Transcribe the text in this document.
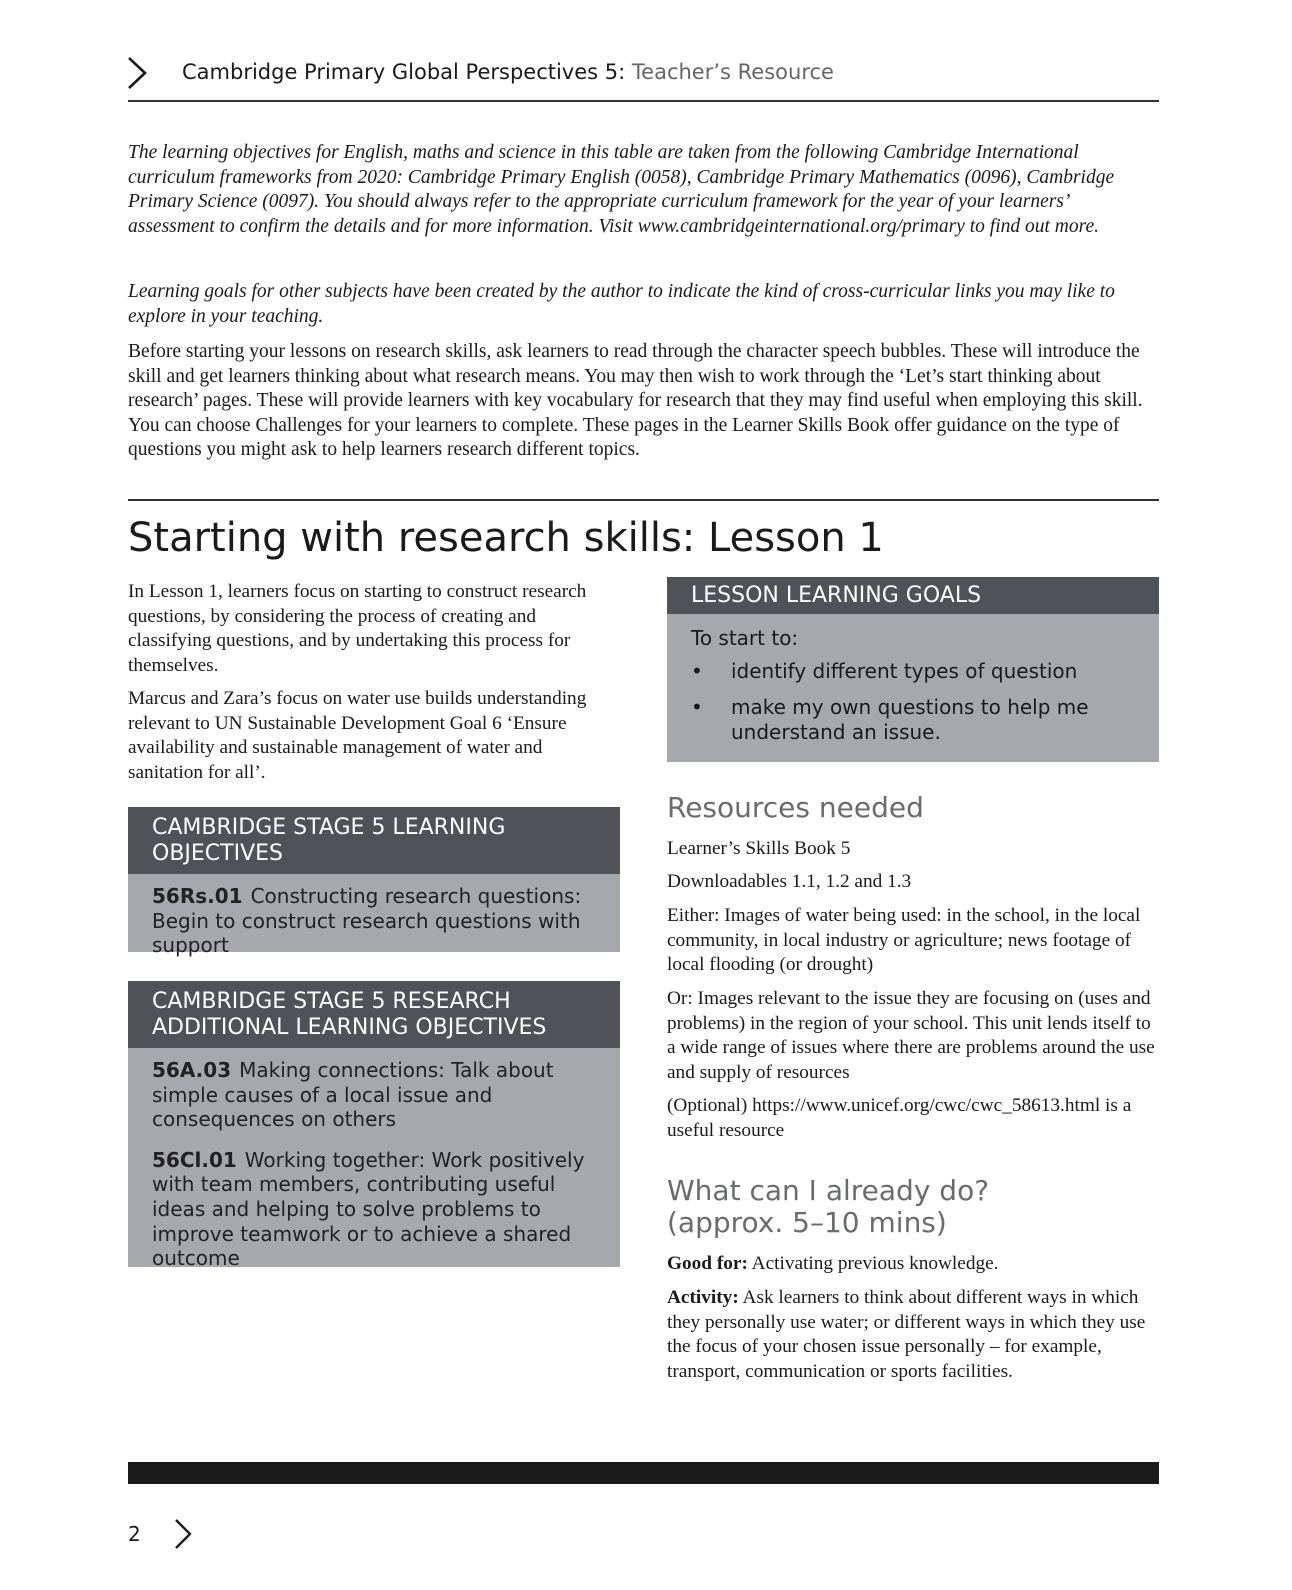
Cambridge Primary Global Perspectives 5: Teacher’s Resource

The learning objectives for English, maths and science in this table are taken from the following Cambridge International curriculum frameworks from 2020: Cambridge Primary English (0058), Cambridge Primary Mathematics (0096), Cambridge Primary Science (0097). You should always refer to the appropriate curriculum framework for the year of your learners’ assessment to confirm the details and for more information. Visit www.cambridgeinternational.org/primary to find out more.

Learning goals for other subjects have been created by the author to indicate the kind of cross-curricular links you may like to explore in your teaching.

Before starting your lessons on research skills, ask learners to read through the character speech bubbles. These will introduce the skill and get learners thinking about what research means. You may then wish to work through the ‘Let’s start thinking about research’ pages. These will provide learners with key vocabulary for research that they may find useful when employing this skill. You can choose Challenges for your learners to complete. These pages in the Learner Skills Book offer guidance on the type of questions you might ask to help learners research different topics.

Starting with research skills: Lesson 1

In Lesson 1, learners focus on starting to construct research questions, by considering the process of creating and classifying questions, and by undertaking this process for themselves.

Marcus and Zara’s focus on water use builds understanding relevant to UN Sustainable Development Goal 6 ‘Ensure availability and sustainable management of water and sanitation for all’.

CAMBRIDGE STAGE 5 LEARNING OBJECTIVES

56Rs.01 Constructing research questions: Begin to construct research questions with support

CAMBRIDGE STAGE 5 RESEARCH ADDITIONAL LEARNING OBJECTIVES

56A.03 Making connections: Talk about simple causes of a local issue and consequences on others

56Cl.01 Working together: Work positively with team members, contributing useful ideas and helping to solve problems to improve teamwork or to achieve a shared outcome

LESSON LEARNING GOALS
To start to:
• identify different types of question
• make my own questions to help me understand an issue.
Resources needed

Learner’s Skills Book 5

Downloadables 1.1, 1.2 and 1.3

Either: Images of water being used: in the school, in the local community, in local industry or agriculture; news footage of local flooding (or drought)

Or: Images relevant to the issue they are focusing on (uses and problems) in the region of your school. This unit lends itself to a wide range of issues where there are problems around the use and supply of resources

(Optional) https://www.unicef.org/cwc/cwc_58613.html is a useful resource

What can I already do?
(approx. 5–10 mins)

Good for: Activating previous knowledge.

Activity: Ask learners to think about different ways in which they personally use water; or different ways in which they use the focus of your chosen issue personally – for example, transport, communication or sports facilities.

2
